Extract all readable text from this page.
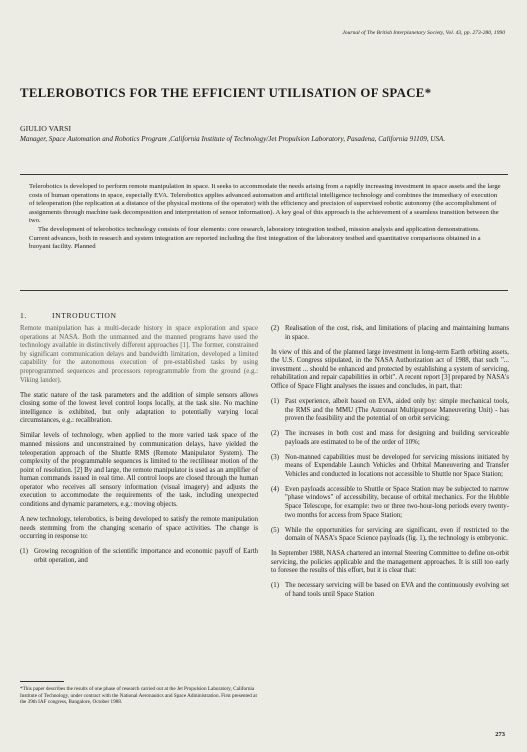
Journal of The British Interplanetary Society, Vol. 43, pp. 273-280, 1990
TELEROBOTICS FOR THE EFFICIENT UTILISATION OF SPACE*
GIULIO VARSI
Manager, Space Automation and Robotics Program ,California Institute of Technology/Jet Propulsion Laboratory, Pasadena, California 91109, USA.

Telerobotics is developed to perform remote manipulation in space. It seeks to accommodate the needs arising from a rapidly increasing investment in space assets and the large costs of human operations in space, especially EVA. Telerobotics applies advanced automation and artificial intelligence technology and combines the immediacy of execution of teleoperation (the replication at a distance of the physical motions of the operator) with the efficiency and precision of supervised robotic autonomy (the accomplishment of assignments through machine task decomposition and interpretation of sensor information). A key goal of this approach is the achievement of a seamless transition between the two.

The development of telerobotics technology consists of four elements: core research, laboratory integration testbed, mission analysis and application demonstrations. Current advances, both in research and system integration are reported including the first integration of the laboratory testbed and quantitative comparisons obtained in a buoyant facility. Planned

1.	INTRODUCTION

Remote manipulation has a multi-decade history in space exploration and space operations at NASA. Both the unmanned and the manned programs have used the technology available in distinctively different approaches [1]. The former, constrained by significant communication delays and bandwidth limitation, developed a limited capability for the autonomous execution of pre-established tasks by using preprogrammed sequences and processors reprogrammable from the ground (e.g.: Viking lander).

The static nature of the task parameters and the addition of simple sensors allows closing some of the lowest level control loops locally, at the task site. No machine intelligence is exhibited, but only adaptation to potentially varying local circumstances, e.g.: recalibration.

Similar levels of technology, when applied to the more varied task space of the manned missions and unconstrained by communication delays, have yielded the teleoperation approach of the Shuttle RMS (Remote Manipulator System). The complexity of the programmable sequences is limited to the rectilinear motion of the point of resolution. [2] By and large, the remote manipulator is used as an amplifier of human commands issued in real time. All control loops are closed through the human operator who receives all sensory information (visual imagery) and adjusts the execution to accommodate the requirements of the task, including unexpected conditions and dynamic parameters, e.g.: moving objects.

A new technology, telerobotics, is being developed to satisfy the remote manipulation needs stemming from the changing scenario of space activities. The change is occurring in response to:

(1) Growing recognition of the scientific importance and economic payoff of Earth orbit operation, and
*This paper describes the results of one phase of research carried out at the Jet Propulsion Laboratory, California Institute of Technology, under contract with the National Aeronautics and Space Administration. First presented at the 39th IAF congress, Bangalore, October 1988.
(2) Realisation of the cost, risk, and limitations of placing and maintaining humans in space.

In view of this and of the planned large investment in long-term Earth orbiting assets, the U.S. Congress stipulated, in the NASA Authorization act of 1988, that such "... investment ... should be enhanced and protected by establishing a system of servicing, rehabilitation and repair capabilities in orbit". A recent report [3] prepared by NASA's Office of Space Flight analyses the issues and concludes, in part, that:

(1) Past experience, albeit based on EVA, aided only by: simple mechanical tools, the RMS and the MMU (The Astronaut Multipurpose Maneuvering Unit) - has proven the feasibility and the potential of on orbit servicing;
(2) The increases in both cost and mass for designing and building serviceable payloads are estimated to be of the order of 10%;
(3) Non-manned capabilities must be developed for servicing missions initiated by means of Expendable Launch Vehicles and Orbital Maneuvering and Transfer Vehicles and conducted in locations not accessible to Shuttle nor Space Station;
(4) Even payloads accessible to Shuttle or Space Station may be subjected to narrow "phase windows" of accessibility, because of orbital mechanics. For the Hubble Space Telescope, for example: two or three two-hour-long periods every twenty-two months for access from Space Station;
(5) While the opportunities for servicing are significant, even if restricted to the domain of NASA's Space Science payloads (fig. 1), the technology is embryonic.

In September 1988, NASA chartered an internal Steering Committee to define on-orbit servicing, the policies applicable and the management approaches. It is still too early to foresee the results of this effort, but it is clear that:

(1) The necessary servicing will be based on EVA and the continuously evolving set of hand tools until Space Station
273
